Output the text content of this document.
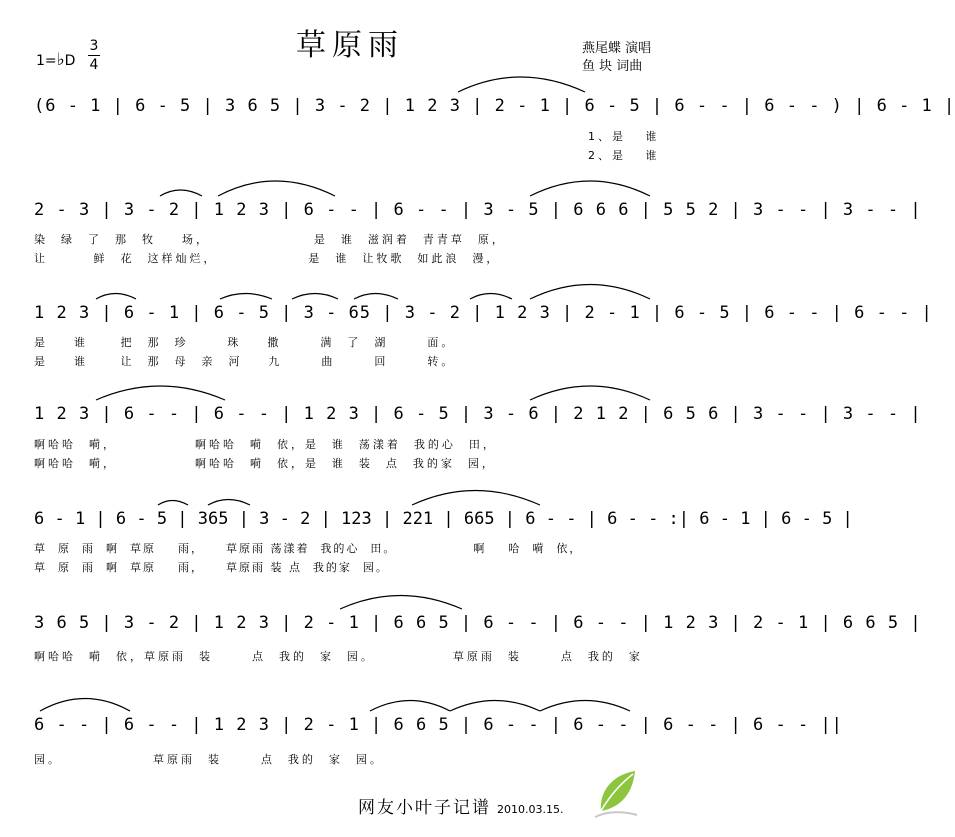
草原雨
1=♭D
3
4
燕尾蝶 演唱
鱼 块 词曲
(6 - 1 | 6 - 5 | 3 6 5 | 3 - 2 | 1 2 3 | 2 - 1 | 6 - 5 | 6 - - | 6 - - ) | 6 - 1 |
1、是   谁
2、是   谁
2 - 3 | 3 - 2 | 1 2 3 | 6 - - | 6 - - | 3 - 5 | 6 6 6 | 5 5 2 | 3 - - | 3 - - |
染  绿  了  那  牧    场，                是  谁  滋润着  青青草  原，
让       鲜  花  这样灿烂，              是  谁  让牧歌  如此浪  漫，
1 2 3 | 6 - 1 | 6 - 5 | 3 - 65 | 3 - 2 | 1 2 3 | 2 - 1 | 6 - 5 | 6 - - | 6 - - |
是    谁     把  那  珍      珠    撒      满  了  湖      面。
是    谁     让  那  母  亲  河    九      曲      回      转。
1 2 3 | 6 - - | 6 - - | 1 2 3 | 6 - 5 | 3 - 6 | 2 1 2 | 6 5 6 | 3 - - | 3 - - |
啊哈哈  嗬，            啊哈哈  嗬  依，是  谁  荡漾着  我的心  田，
啊哈哈  嗬，            啊哈哈  嗬  依，是  谁  装  点  我的家  园，
6 - 1 | 6 - 5 | 365 | 3 - 2 | 123 | 221 | 665 | 6 - - | 6 - - :| 6 - 1 | 6 - 5 |
草  原  雨  啊  草原    雨，    草原雨 荡漾着  我的心  田。              啊    哈  嗬  依，
草  原  雨  啊  草原    雨，    草原雨 装 点  我的家  园。
3 6 5 | 3 - 2 | 1 2 3 | 2 - 1 | 6 6 5 | 6 - - | 6 - - | 1 2 3 | 2 - 1 | 6 6 5 |
啊哈哈  嗬  依，草原雨  装      点  我的  家  园。            草原雨  装      点  我的  家
6 - - | 6 - - | 1 2 3 | 2 - 1 | 6 6 5 | 6 - - | 6 - - | 6 - - | 6 - - ||
园。              草原雨  装      点  我的  家  园。
网友小叶子记谱 2010.03.15.
